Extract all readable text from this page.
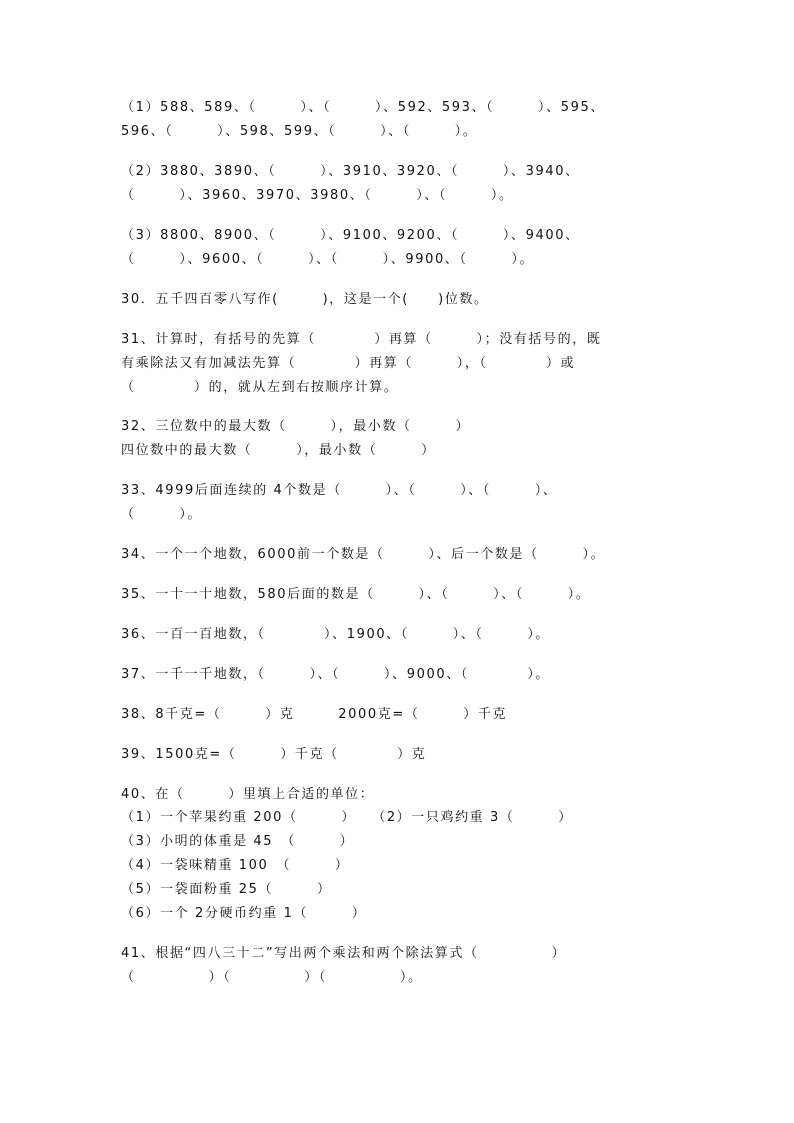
（1）588、589、（　　　）、（　　　）、592、593、（　　　）、595、
596、（　　　）、598、599、（　　　）、（　　　）。
（2）3880、3890、（　　　）、3910、3920、（　　　）、3940、
（　　　）、3960、3970、3980、（　　　）、（　　　）。
（3）8800、8900、（　　　）、9100、9200、（　　　）、9400、
（　　　）、9600、（　　　）、（　　　）、9900、（　　　）。
30．五千四百零八写作(　　　)，这是一个(　　)位数。
31、计算时，有括号的先算（　　　　）再算（　　　）；没有括号的，既
有乘除法又有加减法先算（　　　　）再算（　　　），（　　　　）或
（　　　　）的，就从左到右按顺序计算。
32、三位数中的最大数（　　　），最小数（　　　）
四位数中的最大数（　　　），最小数（　　　）
33、4999后面连续的 4个数是（　　　）、（　　　）、（　　　）、
（　　　）。
34、一个一个地数，6000前一个数是（　　　）、后一个数是（　　　）。
35、一十一十地数，580后面的数是（　　　）、（　　　）、（　　　）。
36、一百一百地数，（　　　　）、1900、（　　　）、（　　　）。
37、一千一千地数，（　　　）、（　　　）、9000、（　　　　）。
38、8千克=（　　　）克　　　2000克=（　　　）千克
39、1500克=（　　　）千克（　　　　）克
40、在（　　　）里填上合适的单位：
（1）一个苹果约重 200（　　　）　　（2）一只鸡约重 3（　　　）
（3）小明的体重是 45　（　　　）
（4）一袋味精重 100　（　　　）
（5）一袋面粉重 25（　　　）
（6）一个 2分硬币约重 1（　　　）
41、根据“四八三十二”写出两个乘法和两个除法算式（　　　　　）
（　　　　　）（　　　　　）（　　　　　）。
